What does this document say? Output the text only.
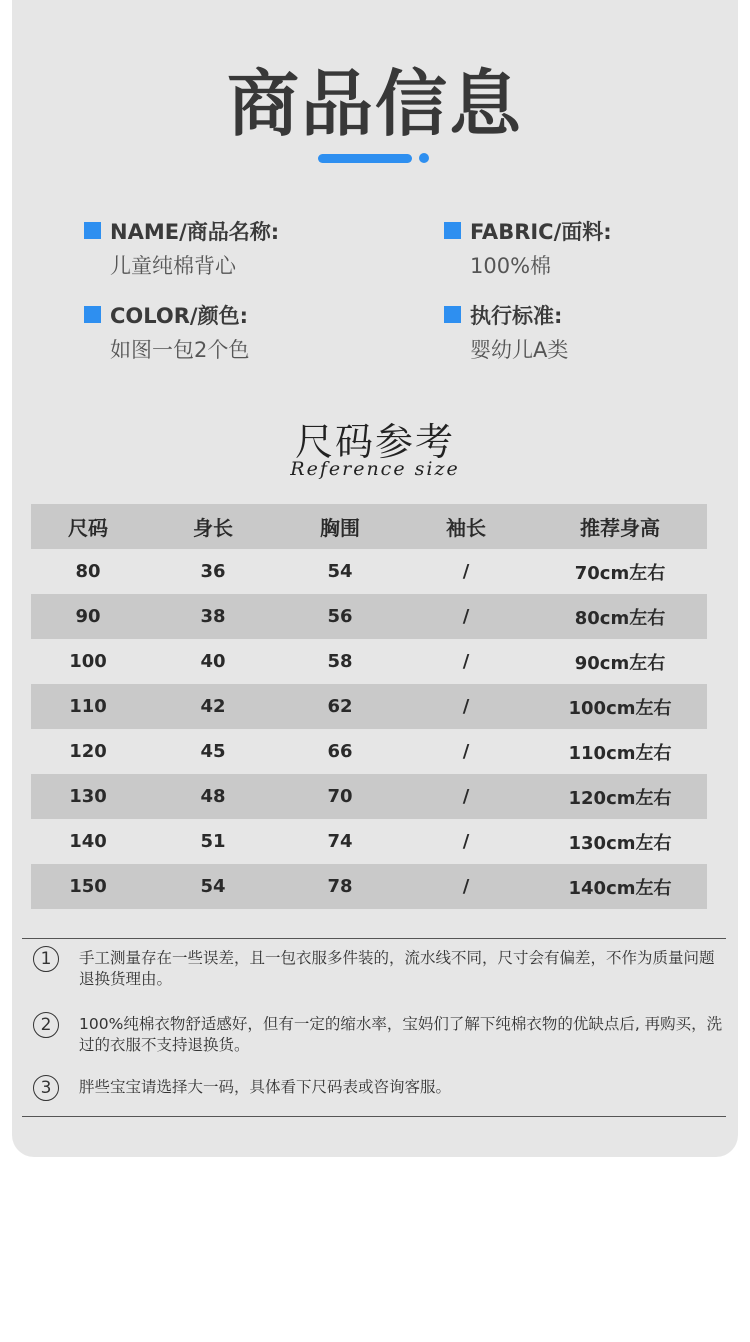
商品信息
NAME/商品名称:
儿童纯棉背心
FABRIC/面料:
100%棉
COLOR/颜色:
如图一包2个色
执行标准:
婴幼儿A类
尺码参考
Reference size
尺码	身长	胸围	袖长	推荐身高
80	36	54	/	70cm左右
90	38	56	/	80cm左右
100	40	58	/	90cm左右
110	42	62	/	100cm左右
120	45	66	/	110cm左右
130	48	70	/	120cm左右
140	51	74	/	130cm左右
150	54	78	/	140cm左右
1	手工测量存在一些误差，且一包衣服多件装的，流水线不同，尺寸会有偏差，不作为质量问题退换货理由。
2	100%纯棉衣物舒适感好，但有一定的缩水率，宝妈们了解下纯棉衣物的优缺点后, 再购买，洗过的衣服不支持退换货。
3	胖些宝宝请选择大一码，具体看下尺码表或咨询客服。
